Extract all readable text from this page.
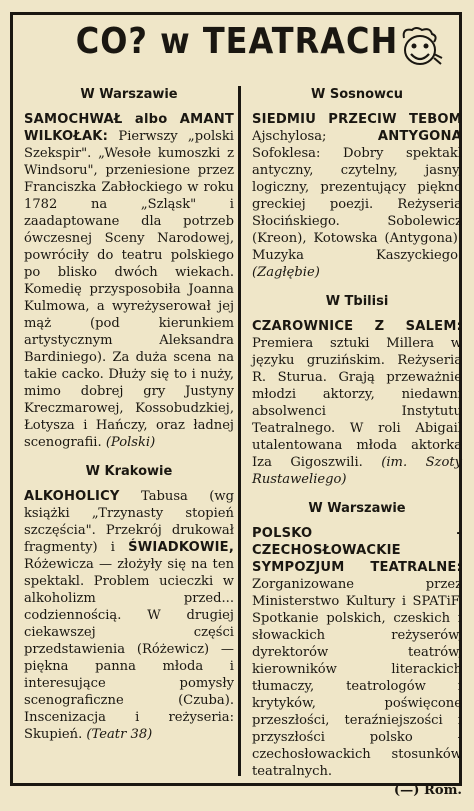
CO? w TEATRACH
W Warszawie
SAMOCHWAŁ albo AMANT WILKOŁAK: Pierwszy „polski Szekspir". „Wesołe kumoszki z Windsoru", przeniesione przez Franciszka Zabłockiego w roku 1782 na „Szląsk" i zaadaptowane dla potrzeb ówczesnej Sceny Narodowej, powróciły do teatru polskiego po blisko dwóch wiekach. Komedię przysposobiła Joanna Kulmowa, a wyreżyserował jej mąż (pod kierunkiem artystycznym Aleksandra Bardiniego). Za duża scena na takie cacko. Dłuży się to i nuży, mimo dobrej gry Justyny Kreczmarowej, Kossobudzkiej, Łotysza i Hańczy, oraz ładnej scenografii. (Polski)
W Krakowie
ALKOHOLICY Tabusa (wg książki „Trzynasty stopień szczęścia". Przekrój drukował fragmenty) i ŚWIADKOWIE, Różewicza — złożyły się na ten spektakl. Problem ucieczki w alkoholizm przed... codziennością. W drugiej ciekawszej części przedstawienia (Różewicz) — piękna panna młoda i interesujące pomysły scenograficzne (Czuba). Inscenizacja i reżyseria: Skupień. (Teatr 38)
W Sosnowcu
SIEDMIU PRZECIW TEBOM Ajschylosa; ANTYGONA Sofoklesa: Dobry spektakl antyczny, czytelny, jasny, logiczny, prezentujący piękno greckiej poezji. Reżyseria Słocińskiego. Sobolewicz (Kreon), Kotowska (Antygona). Muzyka Kaszyckiego. (Zagłębie)
W Tbilisi
CZAROWNICE Z SALEM: Premiera sztuki Millera w języku gruzińskim. Reżyseria R. Sturua. Grają przeważnie młodzi aktorzy, niedawni absolwenci Instytutu Teatralnego. W roli Abigail utalentowana młoda aktorka Iza Gigoszwili. (im. Szoty Rustaweliego)
W Warszawie
POLSKO - CZECHOSŁOWACKIE SYMPOZJUM TEATRALNE: Zorganizowane przez Ministerstwo Kultury i SPATiF. Spotkanie polskich, czeskich i słowackich reżyserów, dyrektorów teatrów, kierowników literackich tłumaczy, teatrologów i krytyków, poświęcone przeszłości, teraźniejszości i przyszłości polsko - czechosłowackich stosunków teatralnych.
(—) Rom.
